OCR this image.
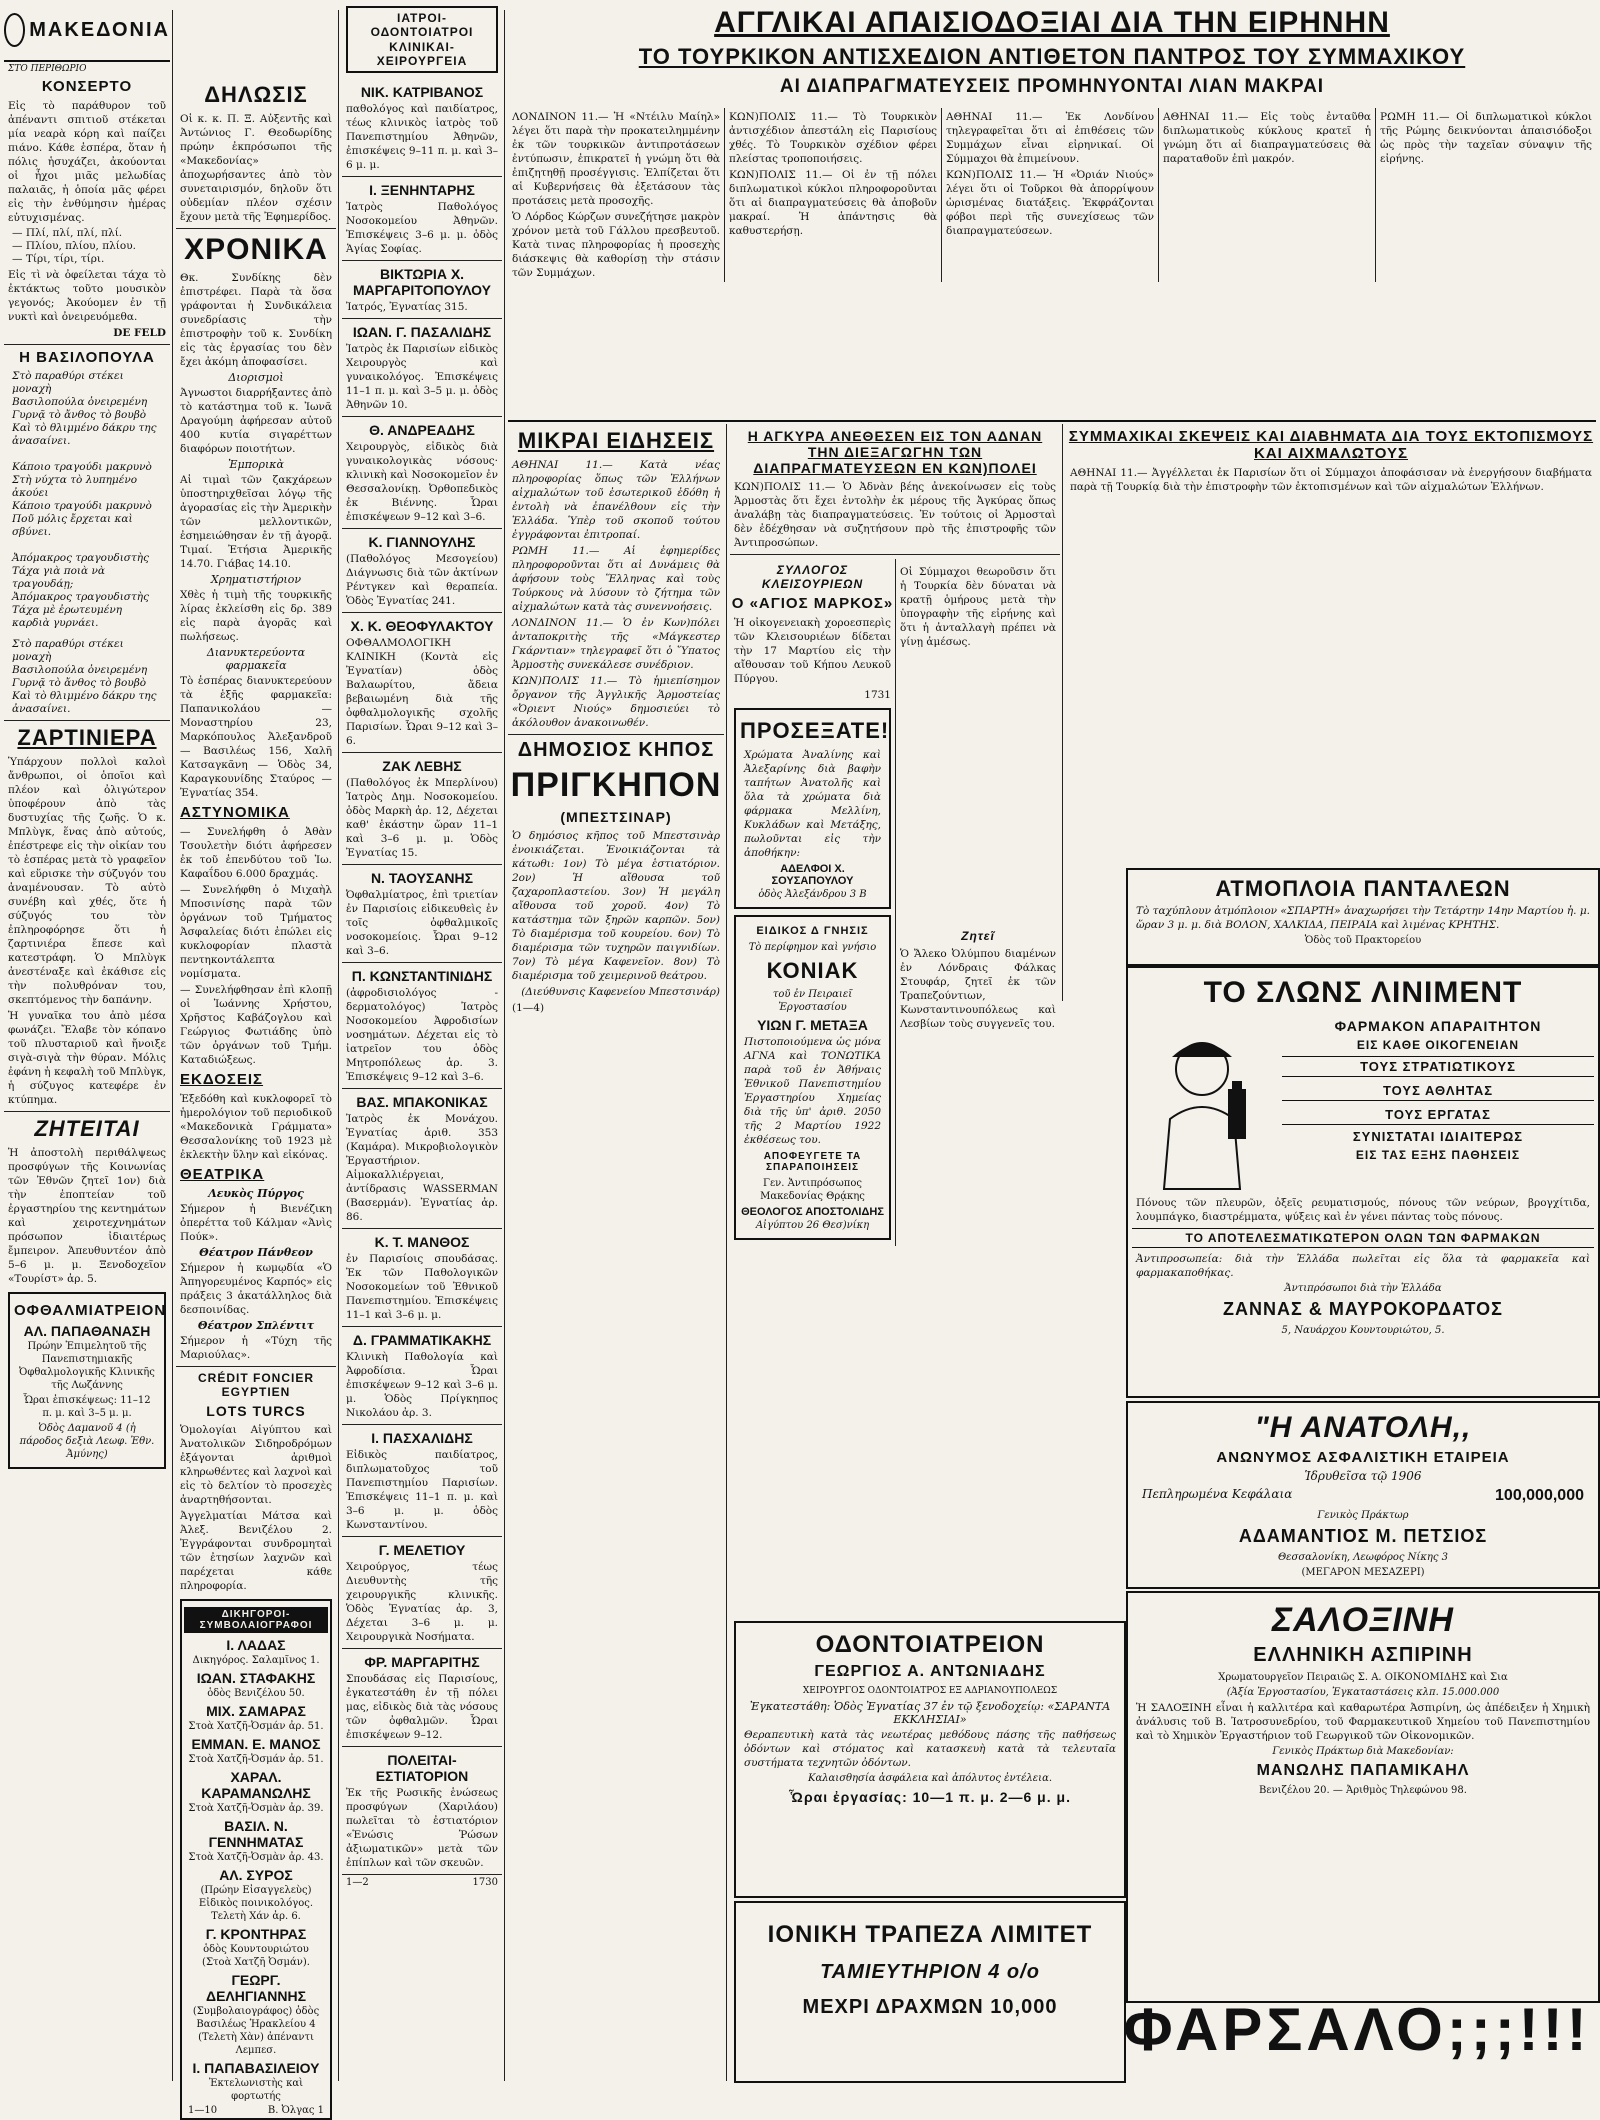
ΜΑΚΕΔΟΝΙΑ
ΣΤΟ ΠΕΡΙΘΩΡΙΟ
ΚΟΝΣΕΡΤΟ
Εἰς τὸ παράθυρον τοῦ ἀπέναντι σπιτιοῦ στέκεται μία νεαρὰ κόρη καὶ παίζει πιάνο. Κάθε ἑσπέρα, ὅταν ἡ πόλις ἡσυχάζει, ἀκούονται οἱ ἦχοι μιᾶς μελωδίας παλαιᾶς, ἡ ὁποία μᾶς φέρει εἰς τὴν ἐνθύμησιν ἡμέρας εὐτυχισμένας.
— Πλί, πλί, πλί, πλί.
— Πλίου, πλίου, πλίου.
— Τίρι, τίρι, τίρι.
Εἰς τὶ νὰ ὀφείλεται τάχα τὸ ἐκτάκτως τοῦτο μουσικὸν γεγονός; Ἀκούομεν ἐν τῇ νυκτὶ καὶ ὀνειρευόμεθα.
DE FELD
Η ΒΑΣΙΛΟΠΟΥΛΑ
Στὸ παραθύρι στέκει μοναχὴ
Βασιλοπούλα ὀνειρεμένη
Γυρνᾷ τὸ ἄνθος τὸ βουβὸ
Καὶ τὸ θλιμμένο δάκρυ της ἀνασαίνει.

Κάποιο τραγούδι μακρυνὸ
Στὴ νύχτα τὸ λυπημένο ἀκούει
Κάποιο τραγούδι μακρυνὸ
Ποῦ μόλις ἔρχεται καὶ σβύνει.

Ἀπόμακρος τραγουδιστὴς
Τάχα γιὰ ποιὰ νὰ τραγουδάῃ;
Ἀπόμακρος τραγουδιστὴς
Τάχα μὲ ἐρωτευμένη καρδιὰ γυρνάει.
Στὸ παραθύρι στέκει μοναχὴ
Βασιλοπούλα ὀνειρεμένη
Γυρνᾷ τὸ ἄνθος τὸ βουβὸ
Καὶ τὸ θλιμμένο δάκρυ της ἀνασαίνει.
ΖΑΡΤΙΝΙΕΡΑ
Ὑπάρχουν πολλοὶ καλοὶ ἄνθρωποι, οἱ ὁποῖοι καὶ πλέον καὶ ὀλιγώτερον ὑποφέρουν ἀπὸ τὰς δυστυχίας τῆς ζωῆς. Ὁ κ. Μπλὺγκ, ἕνας ἀπὸ αὐτούς, ἐπέστρεφε εἰς τὴν οἰκίαν του τὸ ἑσπέρας μετὰ τὸ γραφεῖον καὶ εὕρισκε τὴν σύζυγόν του ἀναμένουσαν. Τὸ αὐτὸ συνέβη καὶ χθές, ὅτε ἡ σύζυγός του τὸν ἐπληροφόρησε ὅτι ἡ ζαρτινιέρα ἔπεσε καὶ κατεστράφη. Ὁ Μπλὺγκ ἀνεστέναξε καὶ ἐκάθισε εἰς τὴν πολυθρόναν του, σκεπτόμενος τὴν δαπάνην.
Ἡ γυναῖκα του ἀπὸ μέσα φωνάζει. Ἔλαβε τὸν κόπανο τοῦ πλυσταριοῦ καὶ ἤνοιξε σιγὰ-σιγὰ τὴν θύραν. Μόλις ἐφάνη ἡ κεφαλὴ τοῦ Μπλὺγκ, ἡ σύζυγος κατεφέρε ἐν κτύπημα.
ΖΗΤΕΙΤΑΙ
Ἡ ἀποστολὴ περιθάλψεως προσφύγων τῆς Κοινωνίας τῶν Ἐθνῶν ζητεῖ 1ον) διὰ τὴν ἐποπτείαν τοῦ ἐργαστηρίου της κεντημάτων καὶ χειροτεχνημάτων πρόσωπον ἰδιαιτέρως ἔμπειρον. Ἀπευθυντέον ἀπὸ 5–6 μ. μ. Ξενοδοχεῖον «Τουρίστ» ἀρ. 5.
ΟΦΘΑΛΜΙΑΤΡΕΙΟΝ
ΑΛ. ΠΑΠΑΘΑΝΑΣΗ
Πρώην Ἐπιμελητοῦ τῆς Πανεπιστημιακῆς Ὀφθαλμολογικῆς Κλινικῆς τῆς Λωζάννης
Ὧραι ἐπισκέψεως: 11–12 π. μ. καὶ 3–5 μ. μ.
Ὁδὸς Δαμανοῦ 4 (ἡ πάροδος δεξιὰ Λεωφ. Ἐθν. Ἀμύνης)
ΔΗΛΩΣΙΣ
Οἱ κ. κ. Π. Ξ. Αὐξεντῆς καὶ Ἀντώνιος Γ. Θεοδωρίδης πρώην ἐκπρόσωποι τῆς «Μακεδονίας» ἀποχωρήσαντες ἀπὸ τὸν συνεταιρισμόν, δηλοῦν ὅτι οὐδεμίαν πλέον σχέσιν ἔχουν μετὰ τῆς Ἐφημερίδος.
ΧΡΟΝΙΚΑ
Θκ. Συνδίκης δὲν ἐπιστρέφει. Παρὰ τὰ ὅσα γράφονται ἡ Συνδικάλεια συνεδρίασις τὴν ἐπιστροφὴν τοῦ κ. Συνδίκη εἰς τὰς ἐργασίας του δὲν ἔχει ἀκόμη ἀποφασίσει.
Διορισμοὶ
Ἀγνωστοι διαρρήξαντες ἀπὸ τὸ κατάστημα τοῦ κ. Ἰωνᾶ Δραγούμη ἀφήρεσαν αὐτοῦ 400 κυτία σιγαρέττων διαφόρων ποιοτήτων.
Ἐμπορικὰ
Αἱ τιμαὶ τῶν ζακχάρεων ὑποστηριχθεῖσαι λόγῳ τῆς ἀγορασίας εἰς τὴν Ἀμερικὴν τῶν μελλοντικῶν, ἐσημειώθησαν ἐν τῇ ἀγορᾷ. Τιμαί. Ἐτήσια Ἀμερικῆς 14.70. Γιάβας 14.10.
Χρηματιστήριον
Χθὲς ἡ τιμὴ τῆς τουρκικῆς λίρας ἐκλείσθη εἰς δρ. 389 εἰς παρὰ ἀγορᾶς καὶ πωλήσεως.
Διανυκτερεύοντα φαρμακεῖα
Τὸ ἑσπέρας διανυκτερεύουν τὰ ἑξῆς φαρμακεῖα: Παπανικολάου — Μοναστηρίου 23, Μαρκόπουλος Ἀλεξανδροῦ — Βασιλέως 156, Χαλῆ Κατσαγκᾶνη — Ὁδὸς 34, Καραγκουνίδης Σταύρος — Ἐγνατίας 354.
ΑΣΤΥΝΟΜΙΚΑ
— Συνελήφθη ὁ Ἀθὰν Τσουλετὴν διότι ἀφήρεσεν ἐκ τοῦ ἐπενδύτου τοῦ Ἰω. Καφαΐδου 6.000 δραχμάς.
— Συνελήφθη ὁ Μιχαὴλ Μποσινίσης παρὰ τῶν ὀργάνων τοῦ Τμήματος Ἀσφαλείας διότι ἐπώλει εἰς κυκλοφορίαν πλαστὰ πεντηκοντάλεπτα νομίσματα.
— Συνελήφθησαν ἐπὶ κλοπῇ οἱ Ἰωάννης Χρήστου, Χρῆστος Καβάζογλου καὶ Γεώργιος Φωτιάδης ὑπὸ τῶν ὀργάνων τοῦ Τμήμ. Καταδιώξεως.
ΕΚΔΟΣΕΙΣ
Ἐξεδόθη καὶ κυκλοφορεῖ τὸ ἡμερολόγιον τοῦ περιοδικοῦ «Μακεδονικὰ Γράμματα» Θεσσαλονίκης τοῦ 1923 μὲ ἐκλεκτὴν ὕλην καὶ εἰκόνας.
ΘΕΑΤΡΙΚΑ
Λευκὸς Πύργος
Σήμερον ἡ Βιενέζικη ὀπερέττα τοῦ Κάλμαν «Ἀνὶς Πούκ».
Θέατρον Πάνθεον
Σήμερον ἡ κωμῳδία «Ὁ Ἀπηγορευμένος Καρπός» εἰς πράξεις 3 ἀκατάλληλος διὰ δεσποινίδας.
Θέατρον Σπλέντιτ
Σήμερον ἡ «Τύχη τῆς Μαριούλας».
CRÉDIT FONCIER EGYPTIEN
LOTS TURCS
Ὁμολογίαι Αἰγύπτου καὶ Ἀνατολικῶν Σιδηροδρόμων ἐξάγονται ἀριθμοὶ κληρωθέντες καὶ λαχνοὶ καὶ εἰς τὸ δελτίον τὸ προσεχὲς ἀναρτηθήσονται.
Ἀγγελματίαι Μάτσα καὶ Ἀλεξ. Βενιζέλου 2. Ἐγγράφονται συνδρομηταὶ τῶν ἐτησίων λαχνῶν καὶ παρέχεται κάθε πληροφορία.
ΔΙΚΗΓΟΡΟΙ-ΣΥΜΒΟΛΑΙΟΓΡΑΦΟΙ
Ι. ΛΑΔΑΣ
Δικηγόρος. Σαλαμῖνος 1.
ΙΩΑΝ. ΣΤΑΦΑΚΗΣ
ὁδὸς Βενιζέλου 50.
ΜΙΧ. ΣΑΜΑΡΑΣ
Στοὰ Χατζῆ-Ὀσμάν ἀρ. 51.
ΕΜΜΑΝ. Ε. ΜΑΝΟΣ
Στοὰ Χατζῆ-Ὀσμάν ἀρ. 51.
ΧΑΡΑΛ. ΚΑΡΑΜΑΝΩΛΗΣ
Στοὰ Χατζῆ-Ὀσμὰν ἀρ. 39.
ΒΑΣΙΛ. Ν. ΓΕΝΝΗΜΑΤΑΣ
Στοὰ Χατζῆ-Ὀσμὰν ἀρ. 43.
ΑΛ. ΣΥΡΟΣ
(Πρώην Εἰσαγγελεὺς) Εἰδικὸς ποινικολόγος. Τελετὴ Χάν ἀρ. 6.
Γ. ΚΡΟΝΤΗΡΑΣ
ὁδὸς Κουντουριώτου (Στοὰ Χατζῆ Ὀσμάν).
ΓΕΩΡΓ. ΔΕΛΗΓΙΑΝΝΗΣ
(Συμβολαιογράφος) ὁδὸς Βασιλέως Ἡρακλείου 4 (Τελετὴ Χὰν) ἀπέναντι Λεμπεσ.
Ι. ΠΑΠΑΒΑΣΙΛΕΙΟΥ
Ἐκτελωνιστὴς καὶ φορτωτής
1—10	Β. Ὀλγας 1
ΙΑΤΡΟΙ-ΟΔΟΝΤΟΙΑΤΡΟΙ
ΚΛΙΝΙΚΑΙ-ΧΕΙΡΟΥΡΓΕΙΑ
ΝΙΚ. ΚΑΤΡΙΒΑΝΟΣ
παθολόγος καὶ παιδίατρος, τέως κλινικὸς ἰατρὸς τοῦ Πανεπιστημίου Ἀθηνῶν, ἐπισκέψεις 9–11 π. μ. καὶ 3–6 μ. μ.
Ι. ΞΕΝΗΝΤΑΡΗΣ
Ἰατρὸς Παθολόγος Νοσοκομείου Ἀθηνῶν. Ἐπισκέψεις 3–6 μ. μ. ὁδὸς Ἁγίας Σοφίας.
ΒΙΚΤΩΡΙΑ Χ. ΜΑΡΓΑΡΙΤΟΠΟΥΛΟΥ
Ἰατρός, Ἐγνατίας 315.
ΙΩΑΝ. Γ. ΠΑΣΑΛΙΔΗΣ
Ἰατρὸς ἐκ Παρισίων εἰδικὸς Χειρουργὸς καὶ γυναικολόγος. Ἐπισκέψεις 11–1 π. μ. καὶ 3–5 μ. μ. ὁδὸς Ἀθηνῶν 10.
Θ. ΑΝΔΡΕΑΔΗΣ
Χειρουργὸς, εἰδικὸς διὰ γυναικολογικὰς νόσους· κλινικὴ καὶ Νοσοκομεῖον ἐν Θεσσαλονίκῃ. Ὀρθοπεδικὸς ἐκ Βιέννης. Ὧραι ἐπισκέψεων 9–12 καὶ 3–6.
Κ. ΓΙΑΝΝΟΥΛΗΣ
(Παθολόγος Μεσογείου) Διάγνωσις διὰ τῶν ἀκτίνων Ρέντγκεν καὶ θεραπεία. Ὁδὸς Ἐγνατίας 241.
Χ. Κ. ΘΕΟΦΥΛΑΚΤΟΥ
ΟΦΘΑΛΜΟΛΟΓΙΚΗ ΚΛΙΝΙΚΗ (Κοντὰ εἰς Ἐγνατίαν) ὁδὸς Βαλαωρίτου, ἄδεια βεβαιωμένη διὰ τῆς ὀφθαλμολογικῆς σχολῆς Παρισίων. Ὧραι 9–12 καὶ 3–6.
ΖΑΚ ΛΕΒΗΣ
(Παθολόγος ἐκ Μπερλίνου) Ἰατρὸς Δημ. Νοσοκομείου. ὁδὸς Μαρκὴ ἀρ. 12, Δέχεται καθ' ἑκάστην ὥραν 11–1 καὶ 3–6 μ. μ. Ὁδὸς Ἐγνατίας 15.
Ν. ΤΑΟΥΣΑΝΗΣ
Ὀφθαλμίατρος, ἐπὶ τριετίαν ἐν Παρισίοις εἰδικευθεὶς ἐν τοῖς ὀφθαλμικοῖς νοσοκομείοις. Ὧραι 9–12 καὶ 3–6.
Π. ΚΩΝΣΤΑΝΤΙΝΙΔΗΣ
(ἀφροδισιολόγος - δερματολόγος) Ἰατρὸς Νοσοκομείου Ἀφροδισίων νοσημάτων. Δέχεται εἰς τὸ ἰατρεῖον του ὁδὸς Μητροπόλεως ἀρ. 3. Ἐπισκέψεις 9–12 καὶ 3–6.
ΒΑΣ. ΜΠΑΚΟΝΙΚΑΣ
Ἰατρὸς ἐκ Μονάχου. Ἐγνατίας ἀριθ. 353 (Καμάρα). Μικροβιολογικὸν Ἐργαστήριον. Αἱμοκαλλιέργειαι, ἀντίδρασις WASSERMAN (Βασερμάν). Ἐγνατίας ἀρ. 86.
Κ. Τ. ΜΑΝΘΟΣ
ἐν Παρισίοις σπουδάσας. Ἐκ τῶν Παθολογικῶν Νοσοκομείων τοῦ Ἐθνικοῦ Πανεπιστημίου. Ἐπισκέψεις 11–1 καὶ 3–6 μ. μ.
Δ. ΓΡΑΜΜΑΤΙΚΑΚΗΣ
Κλινικὴ Παθολογία καὶ Ἀφροδίσια. Ὧραι ἐπισκέψεων 9–12 καὶ 3–6 μ. μ. Ὁδὸς Πρίγκηπος Νικολάου ἀρ. 3.
Ι. ΠΑΣΧΑΛΙΔΗΣ
Εἰδικὸς παιδίατρος, διπλωματοῦχος τοῦ Πανεπιστημίου Παρισίων. Ἐπισκέψεις 11–1 π. μ. καὶ 3–6 μ. μ. ὁδὸς Κωνσταντίνου.
Γ. ΜΕΛΕΤΙΟΥ
Χειρούργος, τέως Διευθυντὴς τῆς χειρουργικῆς κλινικῆς. Ὁδὸς Ἐγνατίας ἀρ. 3, Δέχεται 3–6 μ. μ. Χειρουργικὰ Νοσήματα.
ΦΡ. ΜΑΡΓΑΡΙΤΗΣ
Σπουδάσας εἰς Παρισίους, ἐγκατεστάθη ἐν τῇ πόλει μας, εἰδικὸς διὰ τὰς νόσους τῶν ὀφθαλμῶν. Ὧραι ἐπισκέψεων 9–12.
ΠΟΛΕΙΤΑΙ-ΕΣΤΙΑΤΟΡΙΟΝ
Ἐκ τῆς Ρωσικῆς ἑνώσεως προσφύγων (Χαριλάου) πωλεῖται τὸ ἐστιατόριον «Ἑνώσις Ῥώσων ἀξιωματικῶν» μετὰ τῶν ἐπίπλων καὶ τῶν σκευῶν.
1—2	1730
ΑΓΓΛΙΚΑΙ ΑΠΑΙΣΙΟΔΟΞΙΑΙ ΔΙΑ ΤΗΝ ΕΙΡΗΝΗΝ
ΤΟ ΤΟΥΡΚΙΚΟΝ ΑΝΤΙΣΧΕΔΙΟΝ ΑΝΤΙΘΕΤΟΝ ΠΑΝΤΡΟΣ ΤΟΥ ΣΥΜΜΑΧΙΚΟΥ
ΑΙ ΔΙΑΠΡΑΓΜΑΤΕΥΣΕΙΣ ΠΡΟΜΗΝΥΟΝΤΑΙ ΛΙΑΝ ΜΑΚΡΑΙ
ΛΟΝΔΙΝΟΝ 11.— Ἡ «Ντέιλυ Μαίηλ» λέγει ὅτι παρὰ τὴν προκατειλημμένην ἐκ τῶν τουρκικῶν ἀντιπροτάσεων ἐντύπωσιν, ἐπικρατεῖ ἡ γνώμη ὅτι θὰ ἐπιζητηθῇ προσέγγισις. Ἐλπίζεται ὅτι αἱ Κυβερνήσεις θὰ ἐξετάσουν τὰς προτάσεις μετὰ προσοχῆς.
Ὁ Λόρδος Κώρζων συνεζήτησε μακρὸν χρόνον μετὰ τοῦ Γάλλου πρεσβευτοῦ. Κατὰ τινας πληροφορίας ἡ προσεχὴς διάσκεψις θὰ καθορίσῃ τὴν στάσιν τῶν Συμμάχων.
ΚΩΝ)ΠΟΛΙΣ 11.— Τὸ Τουρκικὸν ἀντισχέδιον ἀπεστάλη εἰς Παρισίους χθές. Τὸ Τουρκικὸν σχέδιον φέρει πλείστας τροποποιήσεις.
ΚΩΝ)ΠΟΛΙΣ 11.— Οἱ ἐν τῇ πόλει διπλωματικοὶ κύκλοι πληροφοροῦνται ὅτι αἱ διαπραγματεύσεις θὰ ἀποβοῦν μακραί. Ἡ ἀπάντησις θὰ καθυστερήσῃ.
ΑΘΗΝΑΙ 11.— Ἐκ Λονδίνου τηλεγραφεῖται ὅτι αἱ ἐπιθέσεις τῶν Συμμάχων εἶναι εἰρηνικαί. Οἱ Σύμμαχοι θὰ ἐπιμείνουν.
ΚΩΝ)ΠΟΛΙΣ 11.— Ἡ «Ὀριάν Νιούς» λέγει ὅτι οἱ Τοῦρκοι θὰ ἀπορρίψουν ὡρισμένας διατάξεις. Ἐκφράζονται φόβοι περὶ τῆς συνεχίσεως τῶν διαπραγματεύσεων.
ΑΘΗΝΑΙ 11.— Εἰς τοὺς ἐνταῦθα διπλωματικοὺς κύκλους κρατεῖ ἡ γνώμη ὅτι αἱ διαπραγματεύσεις θὰ παραταθοῦν ἐπὶ μακρόν.
ΡΩΜΗ 11.— Οἱ διπλωματικοὶ κύκλοι τῆς Ρώμης δεικνύονται ἀπαισιόδοξοι ὡς πρὸς τὴν ταχεῖαν σύναψιν τῆς εἰρήνης.
ΜΙΚΡΑΙ ΕΙΔΗΣΕΙΣ
ΑΘΗΝΑΙ 11.— Κατὰ νέας πληροφορίας ὅπως τῶν Ἑλλήνων αἰχμαλώτων τοῦ ἐσωτερικοῦ ἐδόθη ἡ ἐντολὴ νὰ ἐπανέλθουν εἰς τὴν Ἑλλάδα. Ὑπὲρ τοῦ σκοποῦ τούτου ἐγγράφονται ἐπιτροπαί.
ΡΩΜΗ 11.— Αἱ ἐφημερίδες πληροφοροῦνται ὅτι αἱ Δυνάμεις θὰ ἀφήσουν τοὺς Ἕλληνας καὶ τοὺς Τούρκους νὰ λύσουν τὸ ζήτημα τῶν αἰχμαλώτων κατὰ τὰς συνεννοήσεις.
ΛΟΝΔΙΝΟΝ 11.— Ὁ ἐν Κων)πόλει ἀνταποκριτὴς τῆς «Μάγκεστερ Γκάρντιαν» τηλεγραφεῖ ὅτι ὁ Ὕπατος Ἁρμοστὴς συνεκάλεσε συνέδριον.
ΚΩΝ)ΠΟΛΙΣ 11.— Τὸ ἡμιεπίσημον ὄργανον τῆς Ἀγγλικῆς Ἁρμοστείας «Ὀριεντ Νιούς» δημοσιεύει τὸ ἀκόλουθον ἀνακοινωθέν.
ΔΗΜΟΣΙΟΣ ΚΗΠΟΣ
ΠΡΙΓΚΗΠΟΝ
(ΜΠΕΣΤΣΙΝΑΡ)
Ὁ δημόσιος κῆπος τοῦ Μπεστσινὰρ ἐνοικιάζεται. Ἐνοικιάζονται τὰ κάτωθι: 1ον) Τὸ μέγα ἑστιατόριον. 2ον) Ἡ αἴθουσα τοῦ ζαχαροπλαστείου. 3ον) Ἡ μεγάλη αἴθουσα τοῦ χοροῦ. 4ον) Τὸ κατάστημα τῶν ξηρῶν καρπῶν. 5ον) Τὸ διαμέρισμα τοῦ κουρείου. 6ον) Τὸ διαμέρισμα τῶν τυχηρῶν παιγνιδίων. 7ον) Τὸ μέγα Καφενεῖον. 8ον) Τὸ διαμέρισμα τοῦ χειμερινοῦ θεάτρου.
(Διεύθυνσις Καφενείου Μπεστσινάρ)
(1—4)
Η ΑΓΚΥΡΑ ΑΝΕΘΕΣΕΝ ΕΙΣ ΤΟΝ ΑΔΝΑΝ ΤΗΝ ΔΙΕΞΑΓΩΓΗΝ ΤΩΝ ΔΙΑΠΡΑΓΜΑΤΕΥΣΕΩΝ ΕΝ ΚΩΝ)ΠΟΛΕΙ
ΚΩΝ)ΠΟΛΙΣ 11.— Ὁ Ἀδνὰν βέης ἀνεκοίνωσεν εἰς τοὺς Ἁρμοστὰς ὅτι ἔχει ἐντολὴν ἐκ μέρους τῆς Ἀγκύρας ὅπως ἀναλάβῃ τὰς διαπραγματεύσεις. Ἐν τούτοις οἱ Ἁρμοσταὶ δὲν ἐδέχθησαν νὰ συζητήσουν πρὸ τῆς ἐπιστροφῆς τῶν Ἀντιπροσώπων.
ΣΥΛΛΟΓΟΣ ΚΛΕΙΣΟΥΡΙΕΩΝ
Ο «ΑΓΙΟΣ ΜΑΡΚΟΣ»
Ἡ οἰκογενειακὴ χοροεσπερὶς τῶν Κλεισουριέων δίδεται τὴν 17 Μαρτίου εἰς τὴν αἴθουσαν τοῦ Κήπου Λευκοῦ Πύργου.
1731
ΠΡΟΣΕΞΑΤΕ!
Χρώματα Ἀναλίνης καὶ Ἀλεξαρίνης διὰ βαφὴν ταπήτων Ἀνατολῆς καὶ ὅλα τὰ χρώματα διὰ φάρμακα Μελλίνη, Κυκλάδων καὶ Μετάξης, πωλοῦνται εἰς τὴν ἀποθήκην:
ΑΔΕΛΦΟΙ Χ. ΣΟΥΣΑΠΟΥΛΟΥ
ὁδὸς Ἀλεξάνδρου 3 Β
ΕΙΔΙΚΟΣ Δ ΓΝΗΣΙΣ
Τὸ περίφημον καὶ γνήσιο
ΚΟΝΙΑΚ
τοῦ ἐν Πειραιεῖ Ἐργοστασίου
ΥΙΩΝ Γ. ΜΕΤΑΞΑ
Πιστοποιούμενα ὡς μόνα ΑΓΝΑ καὶ ΤΟΝΩΤΙΚΑ παρὰ τοῦ ἐν Ἀθήναις Ἐθνικοῦ Πανεπιστημίου Ἐργαστηρίου Χημείας διὰ τῆς ὑπ' ἀριθ. 2050 τῆς 2 Μαρτίου 1922 ἐκθέσεως του.
ΑΠΟΦΕΥΓΕΤΕ ΤΑ ΣΠΑΡΑΠΟΙΗΣΕΙΣ
Γεν. Ἀντιπρόσωπος Μακεδονίας Θρᾴκης
ΘΕΟΛΟΓΟΣ ΑΠΟΣΤΟΛΙΔΗΣ
Αἰγύπτου 26 Θεσ)νίκη
Οἱ Σύμμαχοι θεωροῦσιν ὅτι ἡ Τουρκία δὲν δύναται νὰ κρατῇ ὁμήρους μετὰ τὴν ὑπογραφὴν τῆς εἰρήνης καὶ ὅτι ἡ ἀνταλλαγὴ πρέπει νὰ γίνῃ ἀμέσως.
Ζητεῖ
Ὁ Ἄλεκο Ὀλύμπου διαμένων ἐν Λόνδραις Φάλκας Στουφάρ, ζητεῖ ἐκ τῶν Τραπεζούντιων, Κωνσταντινουπόλεως καὶ Λεσβίων τοὺς συγγενεῖς του.
ΣΥΜΜΑΧΙΚΑΙ ΣΚΕΨΕΙΣ ΚΑΙ ΔΙΑΒΗΜΑΤΑ ΔΙΑ ΤΟΥΣ ΕΚΤΟΠΙΣΜΟΥΣ ΚΑΙ ΑΙΧΜΑΛΩΤΟΥΣ
ΑΘΗΝΑΙ 11.— Ἀγγέλλεται ἐκ Παρισίων ὅτι οἱ Σύμμαχοι ἀποφάσισαν νὰ ἐνεργήσουν διαβήματα παρὰ τῇ Τουρκίᾳ διὰ τὴν ἐπιστροφὴν τῶν ἐκτοπισμένων καὶ τῶν αἰχμαλώτων Ἑλλήνων.
ΑΤΜΟΠΛΟΙΑ ΠΑΝΤΑΛΕΩΝ
Τὸ ταχύπλουν ἀτμόπλοιον «ΣΠΑΡΤΗ» ἀναχωρήσει τὴν Τετάρτην 14ην Μαρτίου ἡ. μ. ὥραν 3 μ. μ. διὰ ΒΟΛΟΝ, ΧΑΛΚΙΔΑ, ΠΕΙΡΑΙΑ καὶ λιμένας ΚΡΗΤΗΣ.
Ὁδὸς τοῦ Πρακτορείου
ΤΟ ΣΛΩΝΣ ΛΙΝΙΜΕΝΤ
ΦΑΡΜΑΚΟΝ ΑΠΑΡΑΙΤΗΤΟΝ
ΕΙΣ ΚΑΘΕ ΟΙΚΟΓΕΝΕΙΑΝ
ΤΟΥΣ ΣΤΡΑΤΙΩΤΙΚΟΥΣ
ΤΟΥΣ ΑΘΛΗΤΑΣ
ΤΟΥΣ ΕΡΓΑΤΑΣ
ΣΥΝΙΣΤΑΤΑΙ ΙΔΙΑΙΤΕΡΩΣ
ΕΙΣ ΤΑΣ ΕΞΗΣ ΠΑΘΗΣΕΙΣ
Πόνους τῶν πλευρῶν, ὀξεῖς ρευματισμούς, πόνους τῶν νεύρων, βρογχίτιδα, λουμπάγκο, διαστρέμματα, ψύξεις καὶ ἐν γένει πάντας τοὺς πόνους.
ΤΟ ΑΠΟΤΕΛΕΣΜΑΤΙΚΩΤΕΡΟΝ ΟΛΩΝ ΤΩΝ ΦΑΡΜΑΚΩΝ
Ἀντιπροσωπεία: διὰ τὴν Ἑλλάδα πωλεῖται εἰς ὅλα τὰ φαρμακεῖα καὶ φαρμακαποθήκας.
Ἀντιπρόσωποι διὰ τὴν Ἑλλάδα
ΖΑΝΝΑΣ & ΜΑΥΡΟΚΟΡΔΑΤΟΣ
5, Ναυάρχου Κουντουριώτου, 5.
"Η ΑΝΑΤΟΛΗ,,
ΑΝΩΝΥΜΟΣ ΑΣΦΑΛΙΣΤΙΚΗ ΕΤΑΙΡΕΙΑ
Ἱδρυθεῖσα τῷ 1906
Πεπληρωμένα Κεφάλαια	100,000,000
Γενικὸς Πράκτωρ
ΑΔΑΜΑΝΤΙΟΣ Μ. ΠΕΤΣΙΟΣ
Θεσσαλονίκη, Λεωφόρος Νίκης 3
(ΜΕΓΑΡΟΝ ΜΕΣΑΖΕΡΙ)
ΣΑΛΟΞΙΝΗ
ΕΛΛΗΝΙΚΗ ΑΣΠΙΡΙΝΗ
Χρωματουργεῖον Πειραιῶς Σ. Α. ΟΙΚΟΝΟΜΙΔΗΣ καὶ Σια
(Ἀξία Ἐργοστασίου, Ἐγκαταστάσεις κλπ. 15.000.000
Ἡ ΣΑΛΟΞΙΝΗ εἶναι ἡ καλλιτέρα καὶ καθαρωτέρα Ἀσπιρίνη, ὡς ἀπέδειξεν ἡ Χημικὴ ἀνάλυσις τοῦ Β. Ἰατροσυνεδρίου, τοῦ Φαρμακευτικοῦ Χημείου τοῦ Πανεπιστημίου καὶ τὸ Χημικὸν Ἐργαστήριον τοῦ Γεωργικοῦ τῶν Οἰκονομικῶν.
Γενικὸς Πράκτωρ διὰ Μακεδονίαν:
ΜΑΝΩΛΗΣ ΠΑΠΑΜΙΚΑΗΛ
Βενιζέλου 20. — Ἀριθμὸς Τηλεφώνου 98.
ΦΑΡΣΑΛΟ;;;!!!
ΟΔΟΝΤΟΙΑΤΡΕΙΟΝ
ΓΕΩΡΓΙΟΣ Α. ΑΝΤΩΝΙΑΔΗΣ
ΧΕΙΡΟΥΡΓΟΣ ΟΔΟΝΤΟΙΑΤΡΟΣ ΕΞ ΑΔΡΙΑΝΟΥΠΟΛΕΩΣ
Ἐγκατεστάθη: Ὁδὸς Ἐγνατίας 37 ἐν τῷ ξενοδοχείῳ: «ΣΑΡΑΝΤΑ ΕΚΚΛΗΣΙΑΙ»
Θεραπευτικὴ κατὰ τὰς νεωτέρας μεθόδους πάσης τῆς παθήσεως ὀδόντων καὶ στόματος καὶ κατασκευὴ κατὰ τὰ τελευταῖα συστήματα τεχνητῶν ὀδόντων.
Καλαισθησία ἀσφάλεια καὶ ἀπόλυτος ἐντέλεια.
Ὧραι ἐργασίας: 10—1 π. μ. 2—6 μ. μ.
ΙΟΝΙΚΗ ΤΡΑΠΕΖΑ ΛΙΜΙΤΕΤ
ΤΑΜΙΕΥΤΗΡΙΟΝ 4 ο/ο
ΜΕΧΡΙ ΔΡΑΧΜΩΝ 10,000
